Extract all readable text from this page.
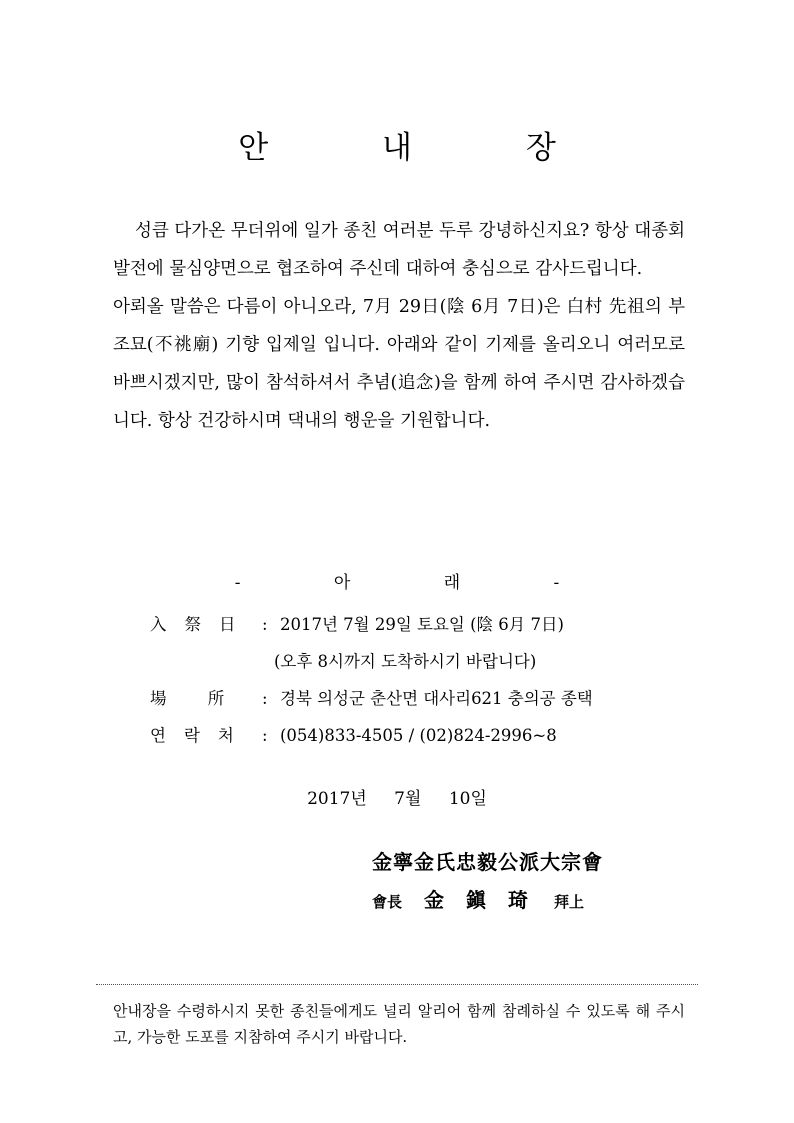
안 내 장

성큼 다가온 무더위에 일가 종친 여러분 두루 강녕하신지요? 항상 대종회 발전에 물심양면으로 협조하여 주신데 대하여 충심으로 감사드립니다.

아뢰올 말씀은 다름이 아니오라, 7月 29日(陰 6月 7日)은 白村 先祖의 부조묘(不祧廟) 기향 입제일 입니다. 아래와 같이 기제를 올리오니 여러모로 바쁘시겠지만, 많이 참석하셔서 추념(追念)을 함께 하여 주시면 감사하겠습니다. 항상 건강하시며 댁내의 행운을 기원합니다.

- 아 래 -
入祭日 : 2017년 7월 29일 토요일 (陰 6月 7日)
(오후 8시까지 도착하시기 바랍니다)
場 所	: 경북 의성군 춘산면 대사리621 충의공 종택
연락처 : (054)833-4505 / (02)824-2996~8
2017년 7월 10일
金寧金氏忠毅公派大宗會
會長 金鎭琦 拜上
안내장을 수령하시지 못한 종친들에게도 널리 알리어 함께 참례하실 수 있도록 해 주시고, 가능한 도포를 지참하여 주시기 바랍니다.
